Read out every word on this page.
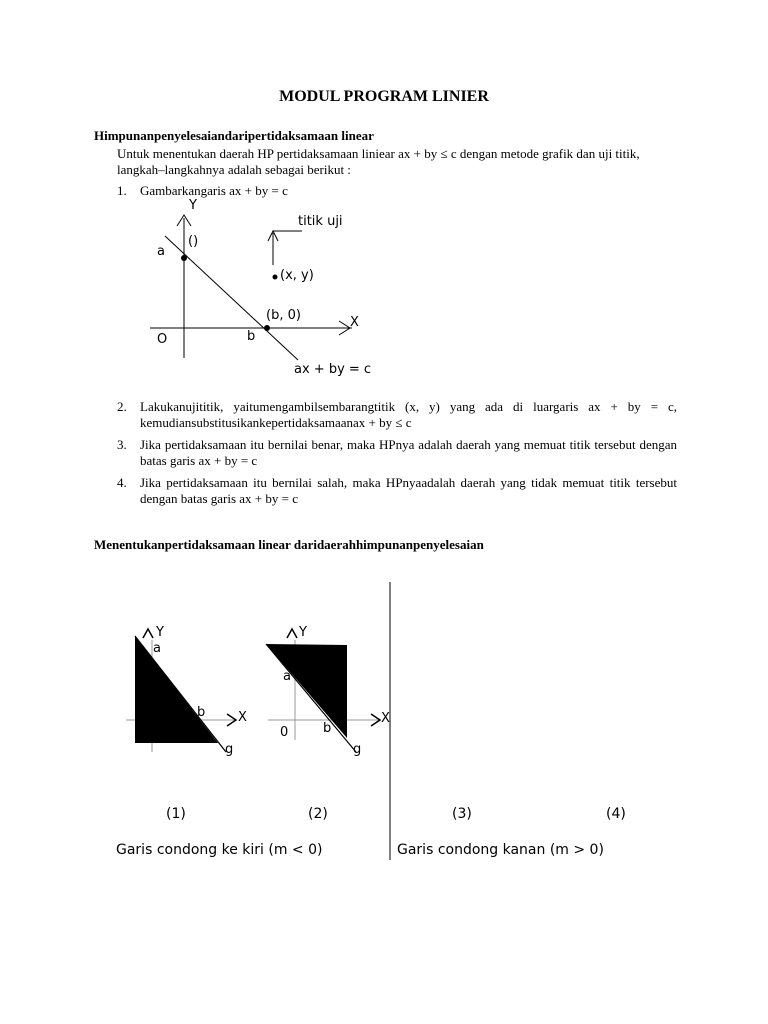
MODUL PROGRAM LINIER
Himpunanpenyelesaiandaripertidaksamaan linear
Untuk menentukan daerah HP pertidaksamaan liniear ax + by ≤ c dengan metode grafik dan uji titik, langkah–langkahnya adalah sebagai berikut :
1.	Gambarkangaris ax + by = c
Y
titik uji
()
a
(x, y)
(b, 0)	X
b
O
ax + by = c
2.	Lakukanujititik, yaitumengambilsembarangtitik (x, y) yang ada di luargaris ax + by = c, kemudiansubstitusikankepertidaksamaanax + by ≤ c
3.	Jika pertidaksamaan itu bernilai benar, maka HPnya adalah daerah yang memuat titik tersebut dengan batas garis ax + by = c
4.	Jika pertidaksamaan itu bernilai salah, maka HPnyaadalah daerah yang tidak memuat titik tersebut dengan batas garis ax + by = c
Menentukanpertidaksamaan linear daridaerahhimpunanpenyelesaian
Y
a
b	X
g
Y
a
b
0
X
g
(1)	(2)	(3)	(4)
Garis condong ke kiri (m < 0)	Garis condong kanan (m > 0)
